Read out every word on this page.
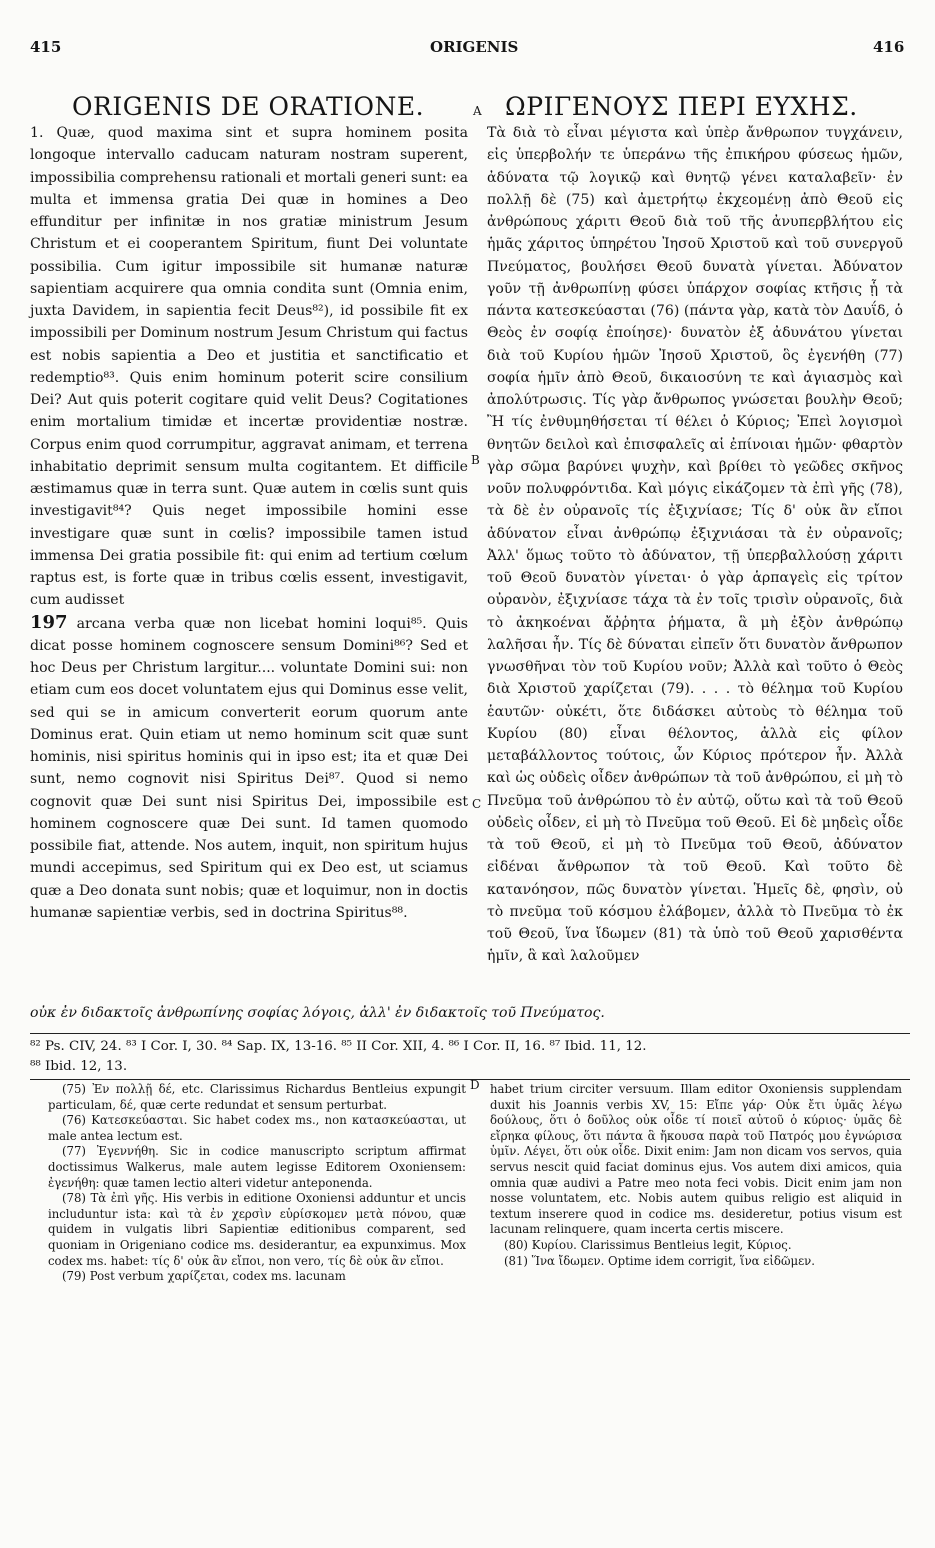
415	ORIGENIS	416
ORIGENIS DE ORATIONE.	ΩΡΙΓΕΝΟΥΣ ΠΕΡΙ ΕΥΧΗΣ.
A
B
C
D

1. Quæ, quod maxima sint et supra hominem posita longoque intervallo caducam naturam nostram superent, impossibilia comprehensu rationali et mortali generi sunt: ea multa et immensa gratia Dei quæ in homines a Deo effunditur per infinitæ in nos gratiæ ministrum Jesum Christum et ei cooperantem Spiritum, fiunt Dei voluntate possibilia. Cum igitur impossibile sit humanæ naturæ sapientiam acquirere qua omnia condita sunt (Omnia enim, juxta Davidem, in sapientia fecit Deus⁸²), id possibile fit ex impossibili per Dominum nostrum Jesum Christum qui factus est nobis sapientia a Deo et justitia et sanctificatio et redemptio⁸³. Quis enim hominum poterit scire consilium Dei? Aut quis poterit cogitare quid velit Deus? Cogitationes enim mortalium timidæ et incertæ providentiæ nostræ. Corpus enim quod corrumpitur, aggravat animam, et terrena inhabitatio deprimit sensum multa cogitantem. Et difficile æstimamus quæ in terra sunt. Quæ autem in cœlis sunt quis investigavit⁸⁴? Quis neget impossibile homini esse investigare quæ sunt in cœlis? impossibile tamen istud immensa Dei gratia possibile fit: qui enim ad tertium cœlum raptus est, is forte quæ in tribus cœlis essent, investigavit, cum audisset

197 arcana verba quæ non licebat homini loqui⁸⁵. Quis dicat posse hominem cognoscere sensum Domini⁸⁶? Sed et hoc Deus per Christum largitur.... voluntate Domini sui: non etiam cum eos docet voluntatem ejus qui Dominus esse velit, sed qui se in amicum converterit eorum quorum ante Dominus erat. Quin etiam ut nemo hominum scit quæ sunt hominis, nisi spiritus hominis qui in ipso est; ita et quæ Dei sunt, nemo cognovit nisi Spiritus Dei⁸⁷. Quod si nemo cognovit quæ Dei sunt nisi Spiritus Dei, impossibile est hominem cognoscere quæ Dei sunt. Id tamen quomodo possibile fiat, attende. Nos autem, inquit, non spiritum hujus mundi accepimus, sed Spiritum qui ex Deo est, ut sciamus quæ a Deo donata sunt nobis; quæ et loquimur, non in doctis humanæ sapientiæ verbis, sed in doctrina Spiritus⁸⁸.

Τὰ διὰ τὸ εἶναι μέγιστα καὶ ὑπὲρ ἄνθρωπον τυγχάνειν, εἰς ὑπερβολήν τε ὑπεράνω τῆς ἐπικήρου φύσεως ἡμῶν, ἀδύνατα τῷ λογικῷ καὶ θνητῷ γένει καταλαβεῖν· ἐν πολλῇ δὲ (75) καὶ ἀμετρήτῳ ἐκχεομένῃ ἀπὸ Θεοῦ εἰς ἀνθρώπους χάριτι Θεοῦ διὰ τοῦ τῆς ἀνυπερβλήτου εἰς ἡμᾶς χάριτος ὑπηρέτου Ἰησοῦ Χριστοῦ καὶ τοῦ συνεργοῦ Πνεύματος, βουλήσει Θεοῦ δυνατὰ γίνεται. Ἀδύνατον γοῦν τῇ ἀνθρωπίνῃ φύσει ὑπάρχον σοφίας κτῆσις ᾗ τὰ πάντα κατεσκεύασται (76) (πάντα γὰρ, κατὰ τὸν Δαυΐδ, ὁ Θεὸς ἐν σοφίᾳ ἐποίησε)· δυνατὸν ἐξ ἀδυνάτου γίνεται διὰ τοῦ Κυρίου ἡμῶν Ἰησοῦ Χριστοῦ, ὃς ἐγενήθη (77) σοφία ἡμῖν ἀπὸ Θεοῦ, δικαιοσύνη τε καὶ ἁγιασμὸς καὶ ἀπολύτρωσις. Τίς γὰρ ἄνθρωπος γνώσεται βουλὴν Θεοῦ; Ἢ τίς ἐνθυμηθήσεται τί θέλει ὁ Κύριος; Ἐπεὶ λογισμοὶ θνητῶν δειλοὶ καὶ ἐπισφαλεῖς αἱ ἐπίνοιαι ἡμῶν· φθαρτὸν γὰρ σῶμα βαρύνει ψυχὴν, καὶ βρίθει τὸ γεῶδες σκῆνος νοῦν πολυφρόντιδα. Καὶ μόγις εἰκάζομεν τὰ ἐπὶ γῆς (78), τὰ δὲ ἐν οὐρανοῖς τίς ἐξιχνίασε; Τίς δ' οὐκ ἂν εἴποι ἀδύνατον εἶναι ἀνθρώπῳ ἐξιχνιάσαι τὰ ἐν οὐρανοῖς; Ἀλλ' ὅμως τοῦτο τὸ ἀδύνατον, τῇ ὑπερβαλλούσῃ χάριτι τοῦ Θεοῦ δυνατὸν γίνεται· ὁ γὰρ ἁρπαγεὶς εἰς τρίτον οὐρανὸν, ἐξιχνίασε τάχα τὰ ἐν τοῖς τρισὶν οὐρανοῖς, διὰ τὸ ἀκηκοέναι ἄῤῥητα ῥήματα, ἃ μὴ ἐξὸν ἀνθρώπῳ λαλῆσαι ἦν. Τίς δὲ δύναται εἰπεῖν ὅτι δυνατὸν ἄνθρωπον γνωσθῆναι τὸν τοῦ Κυρίου νοῦν; Ἀλλὰ καὶ τοῦτο ὁ Θεὸς διὰ Χριστοῦ χαρίζεται (79). . . . τὸ θέλημα τοῦ Κυρίου ἑαυτῶν· οὐκέτι, ὅτε διδάσκει αὐτοὺς τὸ θέλημα τοῦ Κυρίου (80) εἶναι θέλοντος, ἀλλὰ εἰς φίλον μεταβάλλοντος τούτοις, ὧν Κύριος πρότερον ἦν. Ἀλλὰ καὶ ὡς οὐδεὶς οἶδεν ἀνθρώπων τὰ τοῦ ἀνθρώπου, εἰ μὴ τὸ Πνεῦμα τοῦ ἀνθρώπου τὸ ἐν αὐτῷ, οὕτω καὶ τὰ τοῦ Θεοῦ οὐδεὶς οἶδεν, εἰ μὴ τὸ Πνεῦμα τοῦ Θεοῦ. Εἰ δὲ μηδεὶς οἶδε τὰ τοῦ Θεοῦ, εἰ μὴ τὸ Πνεῦμα τοῦ Θεοῦ, ἀδύνατον εἰδέναι ἄνθρωπον τὰ τοῦ Θεοῦ. Καὶ τοῦτο δὲ κατανόησον, πῶς δυνατὸν γίνεται. Ἡμεῖς δὲ, φησὶν, οὐ τὸ πνεῦμα τοῦ κόσμου ἐλάβομεν, ἀλλὰ τὸ Πνεῦμα τὸ ἐκ τοῦ Θεοῦ, ἵνα ἴδωμεν (81) τὰ ὑπὸ τοῦ Θεοῦ χαρισθέντα ἡμῖν, ἃ καὶ λαλοῦμεν

οὐκ ἐν διδακτοῖς ἀνθρωπίνης σοφίας λόγοις, ἀλλ' ἐν διδακτοῖς τοῦ Πνεύματος.
⁸² Ps. CIV, 24. ⁸³ I Cor. I, 30. ⁸⁴ Sap. IX, 13-16. ⁸⁵ II Cor. XII, 4. ⁸⁶ I Cor. II, 16. ⁸⁷ Ibid. 11, 12.
⁸⁸ Ibid. 12, 13.

(75) Ἐν πολλῇ δέ, etc. Clarissimus Richardus Bentleius expungit particulam, δέ, quæ certe redundat et sensum perturbat.

(76) Κατεσκεύασται. Sic habet codex ms., non κατασκεύασται, ut male antea lectum est.

(77) Ἐγεννήθη. Sic in codice manuscripto scriptum affirmat doctissimus Walkerus, male autem legisse Editorem Oxoniensem: ἐγενήθη: quæ tamen lectio alteri videtur anteponenda.

(78) Τὰ ἐπὶ γῆς. His verbis in editione Oxoniensi adduntur et uncis includuntur ista: καὶ τὰ ἐν χερσὶν εὑρίσκομεν μετὰ πόνου, quæ quidem in vulgatis libri Sapientiæ editionibus comparent, sed quoniam in Origeniano codice ms. desiderantur, ea expunximus. Mox codex ms. habet: τίς δ' οὐκ ἂν εἴποι, non vero, τίς δὲ οὐκ ἂν εἴποι.

(79) Post verbum χαρίζεται, codex ms. lacunam

habet trium circiter versuum. Illam editor Oxoniensis supplendam duxit his Joannis verbis XV, 15: Εἴπε γάρ· Οὐκ ἔτι ὑμᾶς λέγω δούλους, ὅτι ὁ δοῦλος οὐκ οἶδε τί ποιεῖ αὐτοῦ ὁ κύριος· ὑμᾶς δὲ εἴρηκα φίλους, ὅτι πάντα ἃ ἤκουσα παρὰ τοῦ Πατρός μου ἐγνώρισα ὑμῖν. Λέγει, ὅτι οὐκ οἶδε. Dixit enim: Jam non dicam vos servos, quia servus nescit quid faciat dominus ejus. Vos autem dixi amicos, quia omnia quæ audivi a Patre meo nota feci vobis. Dicit enim jam non nosse voluntatem, etc. Nobis autem quibus religio est aliquid in textum inserere quod in codice ms. desideretur, potius visum est lacunam relinquere, quam incerta certis miscere.

(80) Κυρίου. Clarissimus Bentleius legit, Κύριος.

(81) Ἵνα ἴδωμεν. Optime idem corrigit, ἵνα εἰδῶμεν.
